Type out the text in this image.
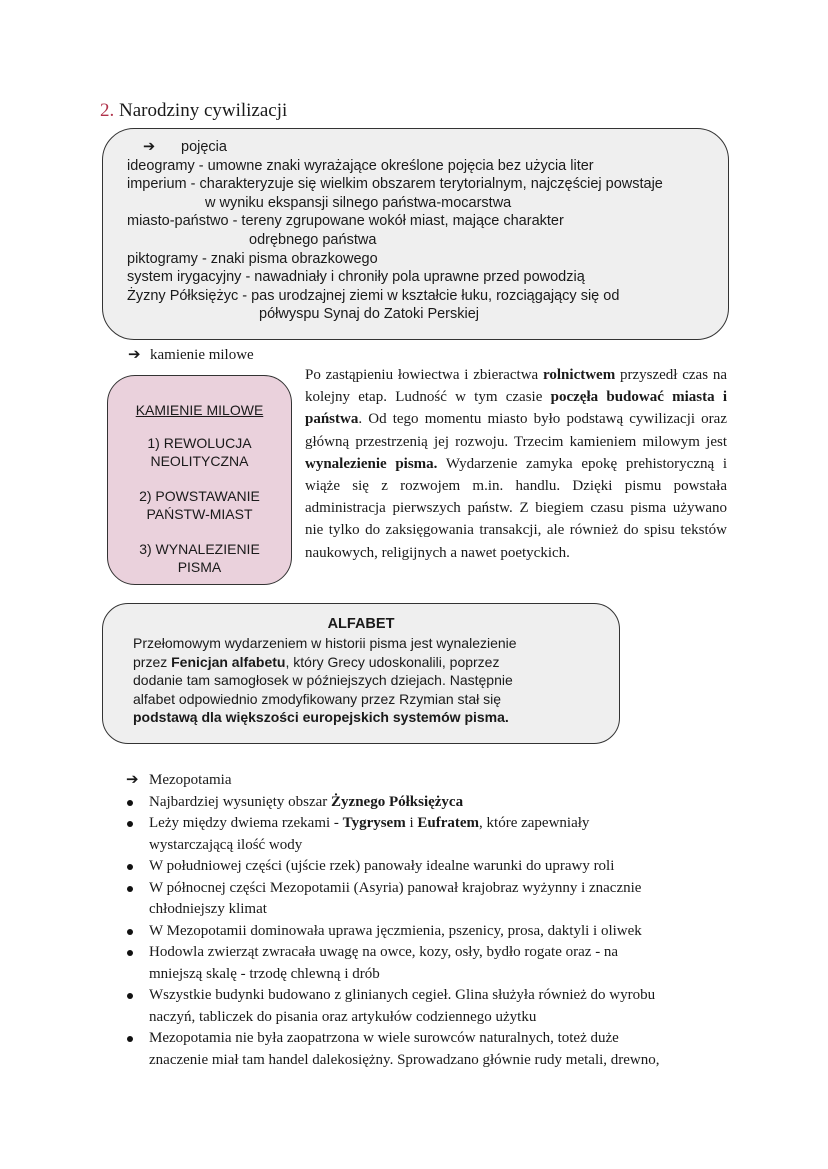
2. Narodziny cywilizacji
➔ pojęcia
ideogramy - umowne znaki wyrażające określone pojęcia bez użycia liter
imperium - charakteryzuje się wielkim obszarem terytorialnym, najczęściej powstaje
w wyniku ekspansji silnego państwa-mocarstwa
miasto-państwo - tereny zgrupowane wokół miast, mające charakter
odrębnego państwa
piktogramy - znaki pisma obrazkowego
system irygacyjny - nawadniały i chroniły pola uprawne przed powodzią
Żyzny Półksiężyc - pas urodzajnej ziemi w kształcie łuku, rozciągający się od
półwyspu Synaj do Zatoki Perskiej
➔ kamienie milowe
KAMIENIE MILOWE
1) REWOLUCJA
NEOLITYCZNA
2) POWSTAWANIE
PAŃSTW-MIAST
3) WYNALEZIENIE
PISMA
Po zastąpieniu łowiectwa i zbieractwa rolnictwem przyszedł czas na kolejny etap. Ludność w tym czasie poczęła budować miasta i państwa. Od tego momentu miasto było podstawą cywilizacji oraz główną przestrzenią jej rozwoju. Trzecim kamieniem milowym jest wynalezienie pisma. Wydarzenie zamyka epokę prehistoryczną i wiąże się z rozwojem m.in. handlu. Dzięki pismu powstała administracja pierwszych państw. Z biegiem czasu pisma używano nie tylko do zaksięgowania transakcji, ale również do spisu tekstów naukowych, religijnych a nawet poetyckich.
ALFABET
Przełomowym wydarzeniem w historii pisma jest wynalezienie
przez Fenicjan alfabetu, który Grecy udoskonalili, poprzez
dodanie tam samogłosek w późniejszych dziejach. Następnie
alfabet odpowiednio zmodyfikowany przez Rzymian stał się
podstawą dla większości europejskich systemów pisma.
➔ Mezopotamia
Najbardziej wysunięty obszar Żyznego Półksiężyca
Leży między dwiema rzekami - Tygrysem i Eufratem, które zapewniały
wystarczającą ilość wody
W południowej części (ujście rzek) panowały idealne warunki do uprawy roli
W północnej części Mezopotamii (Asyria) panował krajobraz wyżynny i znacznie
chłodniejszy klimat
W Mezopotamii dominowała uprawa jęczmienia, pszenicy, prosa, daktyli i oliwek
Hodowla zwierząt zwracała uwagę na owce, kozy, osły, bydło rogate oraz - na
mniejszą skalę - trzodę chlewną i drób
Wszystkie budynki budowano z glinianych cegieł. Glina służyła również do wyrobu
naczyń, tabliczek do pisania oraz artykułów codziennego użytku
Mezopotamia nie była zaopatrzona w wiele surowców naturalnych, toteż duże
znaczenie miał tam handel dalekosiężny. Sprowadzano głównie rudy metali, drewno,
